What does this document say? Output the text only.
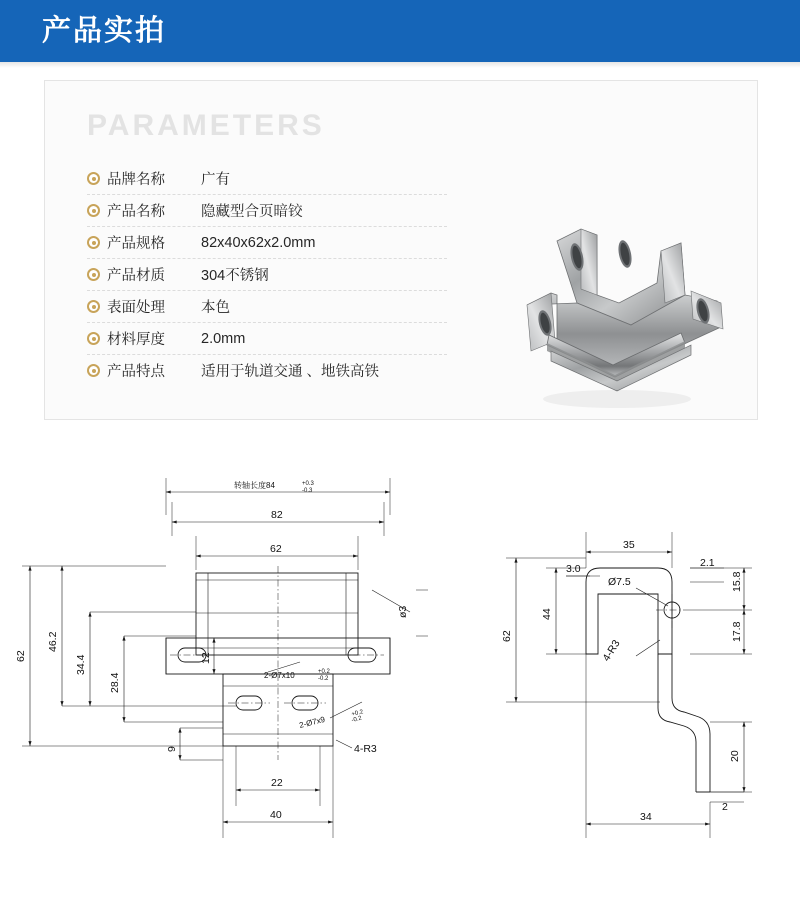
产品实拍
PARAMETERS
品牌名称	广有
产品名称	隐藏型合页暗铰
产品规格	82x40x62x2.0mm
产品材质	304不锈钢
表面处理	本色
材料厚度	2.0mm
产品特点	适用于轨道交通 、地铁高铁
转轴长度84	+0.3
-0.3
82
62
ø3
62
46.2
34.4
28.4
12
9
2-Ø7x10	+0.2
-0.2
2-Ø7x9
+0.2
-0.2
4-R3
22
40
35
3.0
Ø7.5
2.1
15.8
17.8
44
62
4-R3
20
2
34
